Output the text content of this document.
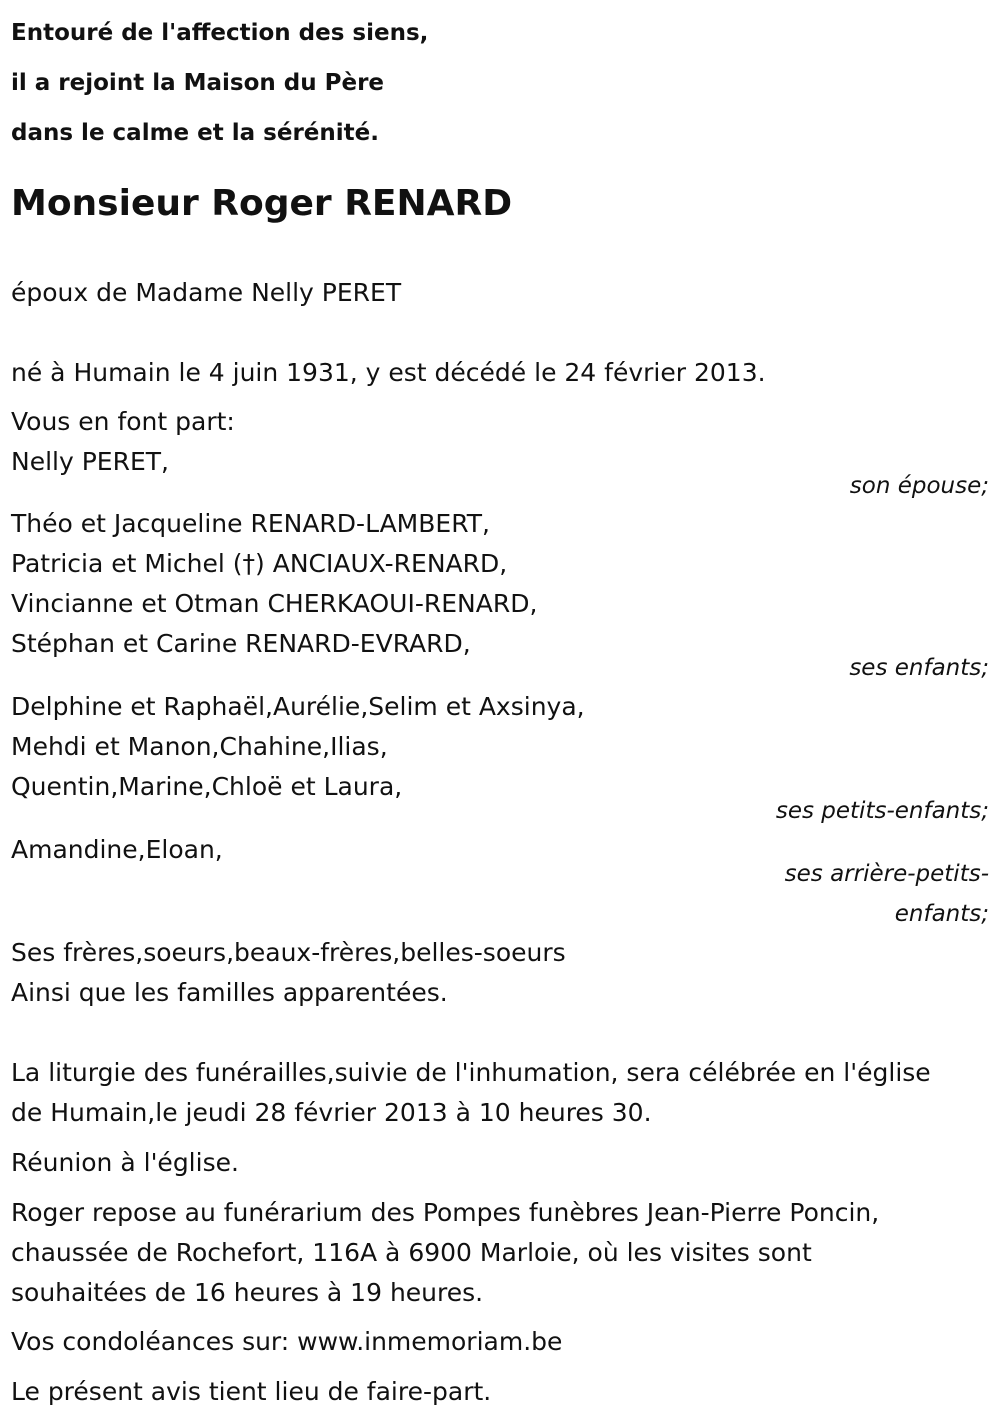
Entouré de l'affection des siens,
il a rejoint la Maison du Père
dans le calme et la sérénité.
Monsieur Roger RENARD
époux de Madame Nelly PERET
né à Humain le 4 juin 1931, y est décédé le 24 février 2013.
Vous en font part:
Nelly PERET,
son épouse;
Théo et Jacqueline RENARD-LAMBERT,
Patricia et Michel (†) ANCIAUX-RENARD,
Vincianne et Otman CHERKAOUI-RENARD,
Stéphan et Carine RENARD-EVRARD,
ses enfants;
Delphine et Raphaël,Aurélie,Selim et Axsinya,
Mehdi et Manon,Chahine,Ilias,
Quentin,Marine,Chloë et Laura,
ses petits-enfants;
Amandine,Eloan,
ses arrière-petits-
enfants;
Ses frères,soeurs,beaux-frères,belles-soeurs
Ainsi que les familles apparentées.
La liturgie des funérailles,suivie de l'inhumation, sera célébrée en l'église
de Humain,le jeudi 28 février 2013 à 10 heures 30.
Réunion à l'église.
Roger repose au funérarium des Pompes funèbres Jean-Pierre Poncin,
chaussée de Rochefort, 116A à 6900 Marloie, où les visites sont
souhaitées de 16 heures à 19 heures.
Vos condoléances sur: www.inmemoriam.be
Le présent avis tient lieu de faire-part.
